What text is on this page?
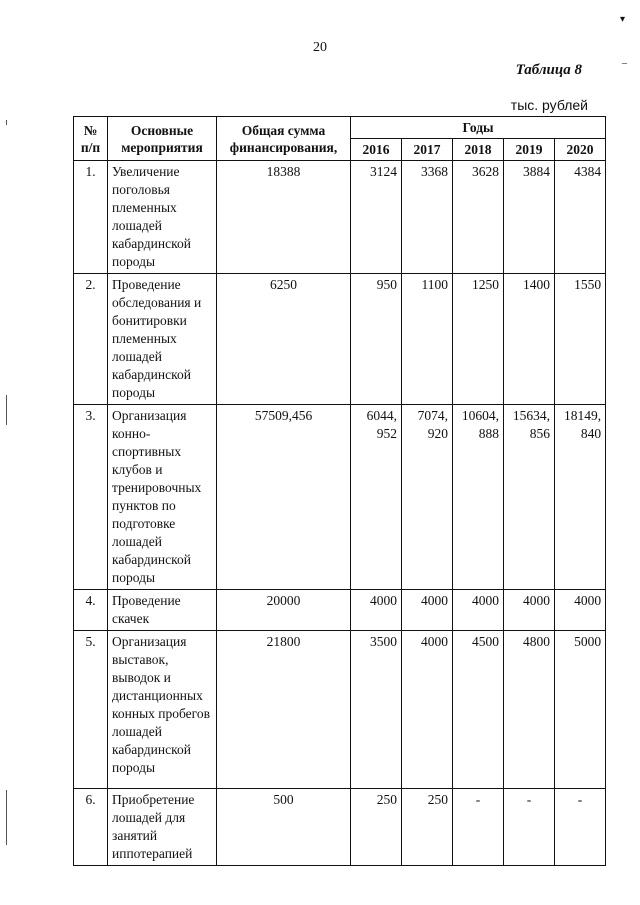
20
Таблица 8
тыс. рублей
▾
–
№ п/п	Основные мероприятия	Общая сумма финансирования,	Годы				
			2016	2017	2018	2019	2020
1.	Увеличение поголовья племенных лошадей кабардинской породы	18388	3124	3368	3628	3884	4384
2.	Проведение обследования и бонитировки племенных лошадей кабардинской породы	6250	950	1100	1250	1400	1550
3.	Организация конно-спортивных клубов и тренировочных пунктов по подготовке лошадей кабардинской породы	57509,456	6044, 952	7074, 920	10604, 888	15634, 856	18149, 840
4.	Проведение скачек	20000	4000	4000	4000	4000	4000
5.	Организация выставок, выводок и дистанционных конных пробегов лошадей кабардинской породы	21800	3500	4000	4500	4800	5000
6.	Приобретение лошадей для занятий иппотерапией	500	250	250	-	-	-
